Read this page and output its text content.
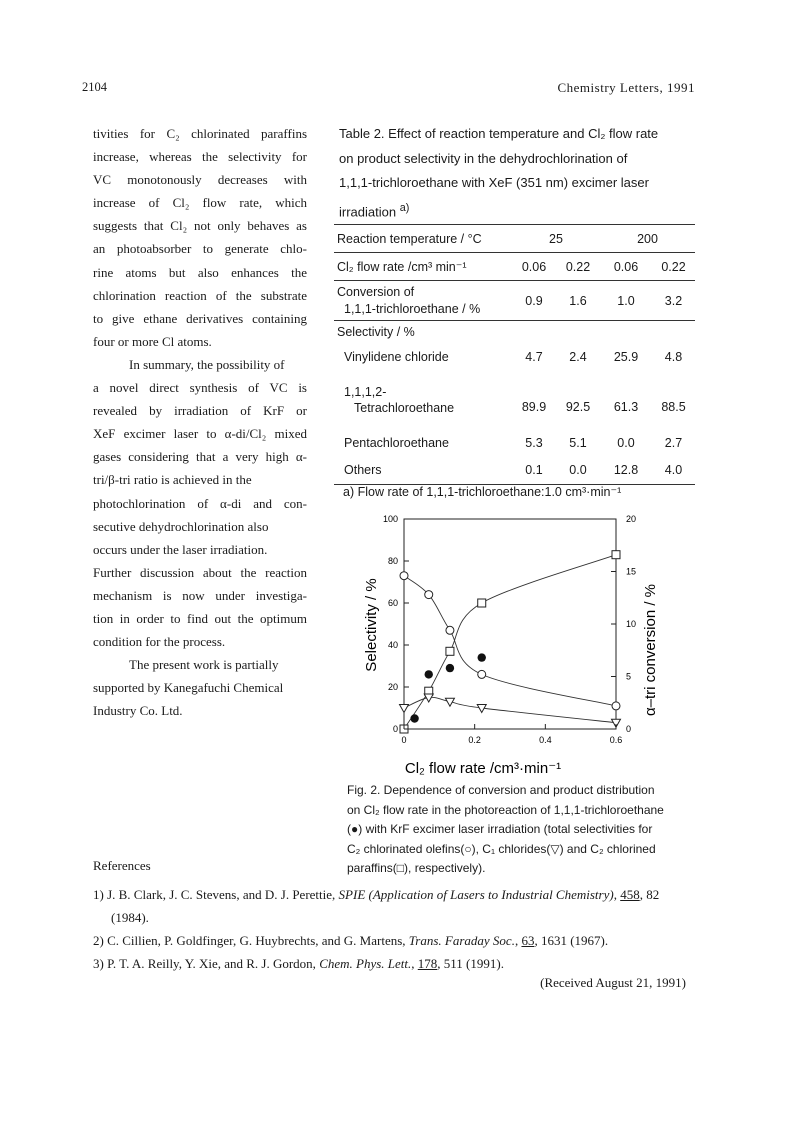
2104	Chemistry Letters, 1991
tivities for C₂ chlorinated paraffins
increase, whereas the selectivity for
VC monotonously decreases with
increase of Cl₂ flow rate, which
suggests that Cl₂ not only behaves as
an photoabsorber to generate chlo-
rine atoms but also enhances the
chlorination reaction of the substrate
to give ethane derivatives containing
four or more Cl atoms.
In summary, the possibility of
a novel direct synthesis of VC is
revealed by irradiation of KrF or
XeF excimer laser to α-di/Cl₂ mixed
gases considering that a very high α-
tri/β-tri ratio is achieved in the
photochlorination of α-di and con-
secutive dehydrochlorination also
occurs under the laser irradiation.
Further discussion about the reaction
mechanism is now under investiga-
tion in order to find out the optimum
condition for the process.
The present work is partially
supported by Kanegafuchi Chemical
Industry Co. Ltd.
Table 2. Effect of reaction temperature and Cl₂ flow rate
on product selectivity in the dehydrochlorination of
1,1,1-trichloroethane with XeF (351 nm) excimer laser
irradiation $^{a)}$
Reaction temperature / °C	25		200	
Cl₂ flow rate /cm³ min⁻¹	0.06	0.22	0.06	0.22

Conversion of
1,1,1-trichloroethane / %	0.9	1.6	1.0	3.2
Selectivity / %				
Vinylidene chloride	4.7	2.4	25.9	4.8

1,1,1,2-
Tetrachloroethane	89.9	92.5	61.3	88.5
Pentachloroethane	5.3	5.1	0.0	2.7
Others	0.1	0.0	12.8	4.0
a) Flow rate of 1,1,1-trichloroethane:1.0 cm³·min⁻¹
0	0.2	0.4	0.6
0
20
40
60
80
100
0
5
10
15
20
Cl₂ flow rate /cm³·min⁻¹
Selectivity / %	α–tri conversion / %
Fig. 2. Dependence of conversion and product distribution
on Cl₂ flow rate in the photoreaction of 1,1,1-trichloroethane
(●) with KrF excimer laser irradiation (total selectivities for
C₂ chlorinated olefins(○), C₁ chlorides(▽) and C₂ chlorined
paraffins(□), respectively).
References
1) J. B. Clark, J. C. Stevens, and D. J. Perettie, SPIE (Application of Lasers to Industrial Chemistry), 458, 82
(1984).
2) C. Cillien, P. Goldfinger, G. Huybrechts, and G. Martens, Trans. Faraday Soc., 63, 1631 (1967).
3) P. T. A. Reilly, Y. Xie, and R. J. Gordon, Chem. Phys. Lett., 178, 511 (1991).
(Received August 21, 1991)
